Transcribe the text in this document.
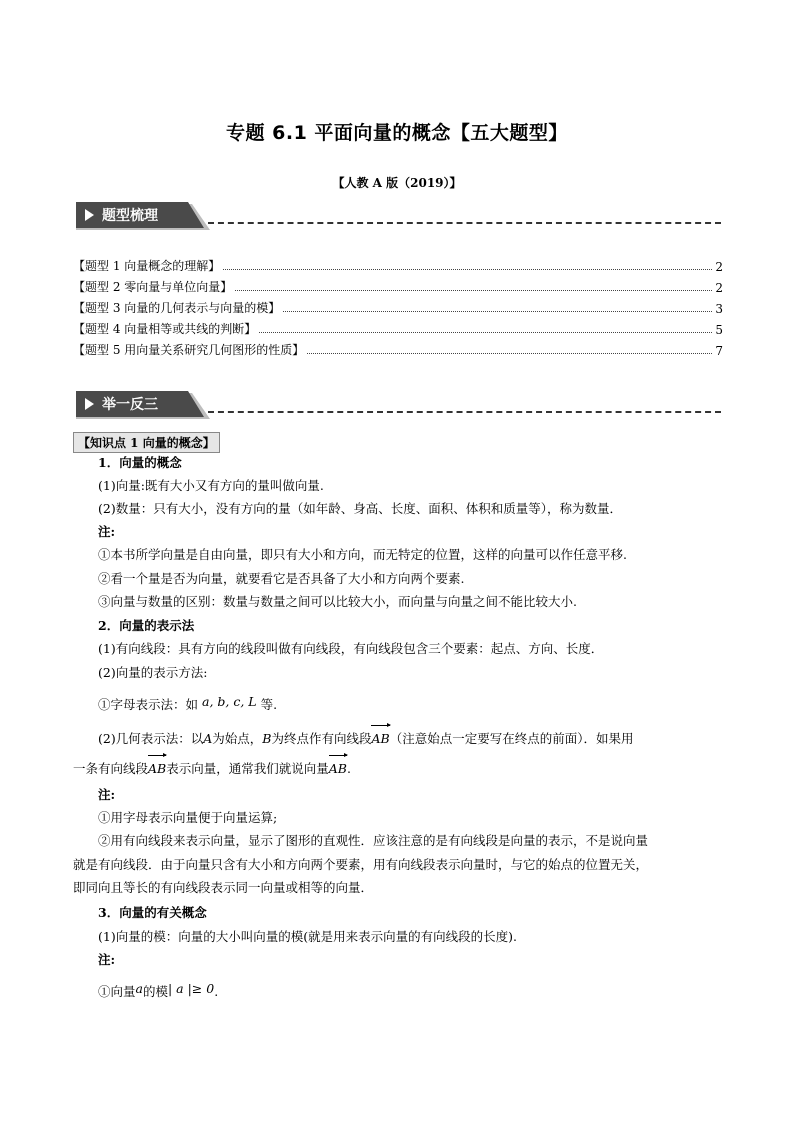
专题 6.1 平面向量的概念【五大题型】
【人教 A 版（2019）】
题型梳理
【题型 1 向量概念的理解】	2
【题型 2 零向量与单位向量】	2
【题型 3 向量的几何表示与向量的模】	3
【题型 4 向量相等或共线的判断】	5
【题型 5 用向量关系研究几何图形的性质】	7
举一反三
【知识点 1 向量的概念】
1．向量的概念
(1)向量:既有大小又有方向的量叫做向量.
(2)数量：只有大小，没有方向的量（如年龄、身高、长度、面积、体积和质量等），称为数量．
注:
①本书所学向量是自由向量，即只有大小和方向，而无特定的位置，这样的向量可以作任意平移.
②看一个量是否为向量，就要看它是否具备了大小和方向两个要素.
③向量与数量的区别：数量与数量之间可以比较大小，而向量与向量之间不能比较大小.
2．向量的表示法
(1)有向线段：具有方向的线段叫做有向线段，有向线段包含三个要素：起点、方向、长度．
(2)向量的表示方法:
①字母表示法：如 a, b, c, L 等.
(2)几何表示法：以A为始点，B为终点作有向线段
AB（注意始点一定要写在终点的前面）．如果用
一条有向线段
AB表示向量，通常我们就说向量
AB.
注:
①用字母表示向量便于向量运算;
②用有向线段来表示向量，显示了图形的直观性．应该注意的是有向线段是向量的表示，不是说向量
就是有向线段．由于向量只含有大小和方向两个要素，用有向线段表示向量时，与它的始点的位置无关，
即同向且等长的有向线段表示同一向量或相等的向量．
3．向量的有关概念
(1)向量的模：向量的大小叫向量的模(就是用来表示向量的有向线段的长度).
注:
①向量a的模| a |≥ 0.
